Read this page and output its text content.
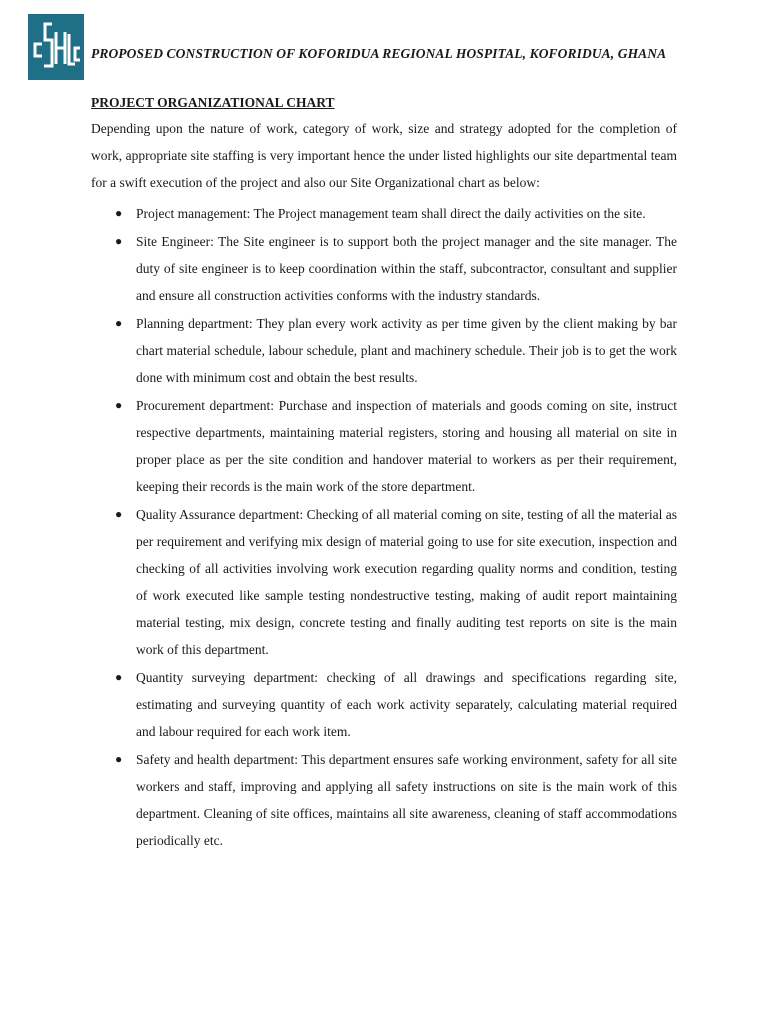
PROPOSED CONSTRUCTION OF KOFORIDUA REGIONAL HOSPITAL, KOFORIDUA, GHANA
PROJECT ORGANIZATIONAL CHART

Depending upon the nature of work, category of work, size and strategy adopted for the completion of work, appropriate site staffing is very important hence the under listed highlights our site departmental team for a swift execution of the project and also our Site Organizational chart as below:

● Project management: The Project management team shall direct the daily activities on the site.
● Site Engineer: The Site engineer is to support both the project manager and the site manager. The duty of site engineer is to keep coordination within the staff, subcontractor, consultant and supplier and ensure all construction activities conforms with the industry standards.
● Planning department: They plan every work activity as per time given by the client making by bar chart material schedule, labour schedule, plant and machinery schedule. Their job is to get the work done with minimum cost and obtain the best results.
● Procurement department: Purchase and inspection of materials and goods coming on site, instruct respective departments, maintaining material registers, storing and housing all material on site in proper place as per the site condition and handover material to workers as per their requirement, keeping their records is the main work of the store department.
● Quality Assurance department: Checking of all material coming on site, testing of all the material as per requirement and verifying mix design of material going to use for site execution, inspection and checking of all activities involving work execution regarding quality norms and condition, testing of work executed like sample testing nondestructive testing, making of audit report maintaining material testing, mix design, concrete testing and finally auditing test reports on site is the main work of this department.
● Quantity surveying department: checking of all drawings and specifications regarding site, estimating and surveying quantity of each work activity separately, calculating material required and labour required for each work item.
● Safety and health department: This department ensures safe working environment, safety for all site workers and staff, improving and applying all safety instructions on site is the main work of this department. Cleaning of site offices, maintains all site awareness, cleaning of staff accommodations periodically etc.
